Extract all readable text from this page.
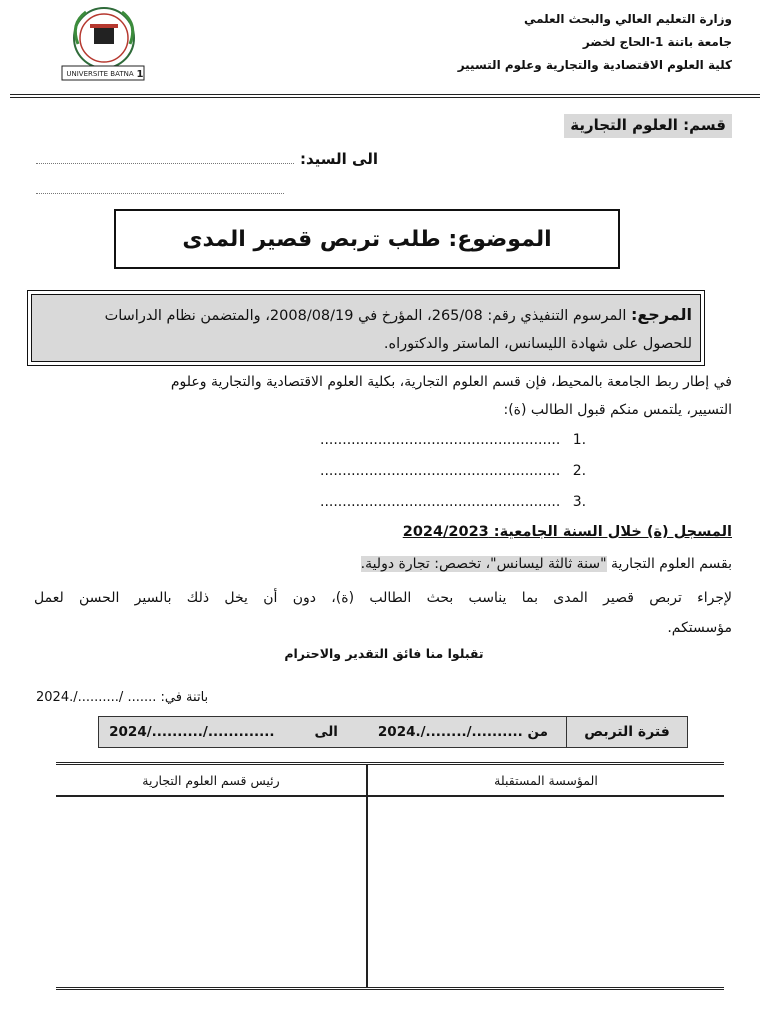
وزارة التعليم العالي والبحث العلمي
جامعة باتنة 1-الحاج لخضر
كلية العلوم الاقتصادية والتجارية وعلوم التسيير
UNIVERSITE BATNA 1
قسم: العلوم التجارية
الى السيد:
الموضوع: طلب تربص قصير المدى
المرجع: المرسوم التنفيذي رقم: 265/08، المؤرخ في 2008/08/19، والمتضمن نظام الدراسات
للحصول على شهادة الليسانس، الماستر والدكتوراه.
في إطار ربط الجامعة بالمحيط، فإن قسم العلوم التجارية، بكلية العلوم الاقتصادية والتجارية وعلوم
التسيير، يلتمس منكم قبول الطالب (ة):
...................................................... 1.
...................................................... 2.
...................................................... 3.
المسجل (ة) خلال السنة الجامعية: 2024/2023
بقسم العلوم التجارية "سنة ثالثة ليسانس"، تخصص: تجارة دولية.
لإجراء تربص قصير المدى بما يناسب بحث الطالب (ة)، دون أن يخل ذلك بالسير الحسن لعمل
مؤسستكم.
تقبلوا منا فائق التقدير والاحترام
باتنة في: ....... /........../.2024
فترة التربص
من ........../......../.2024
الى
............./........../2024
المؤسسة المستقبلة
رئيس قسم العلوم التجارية
